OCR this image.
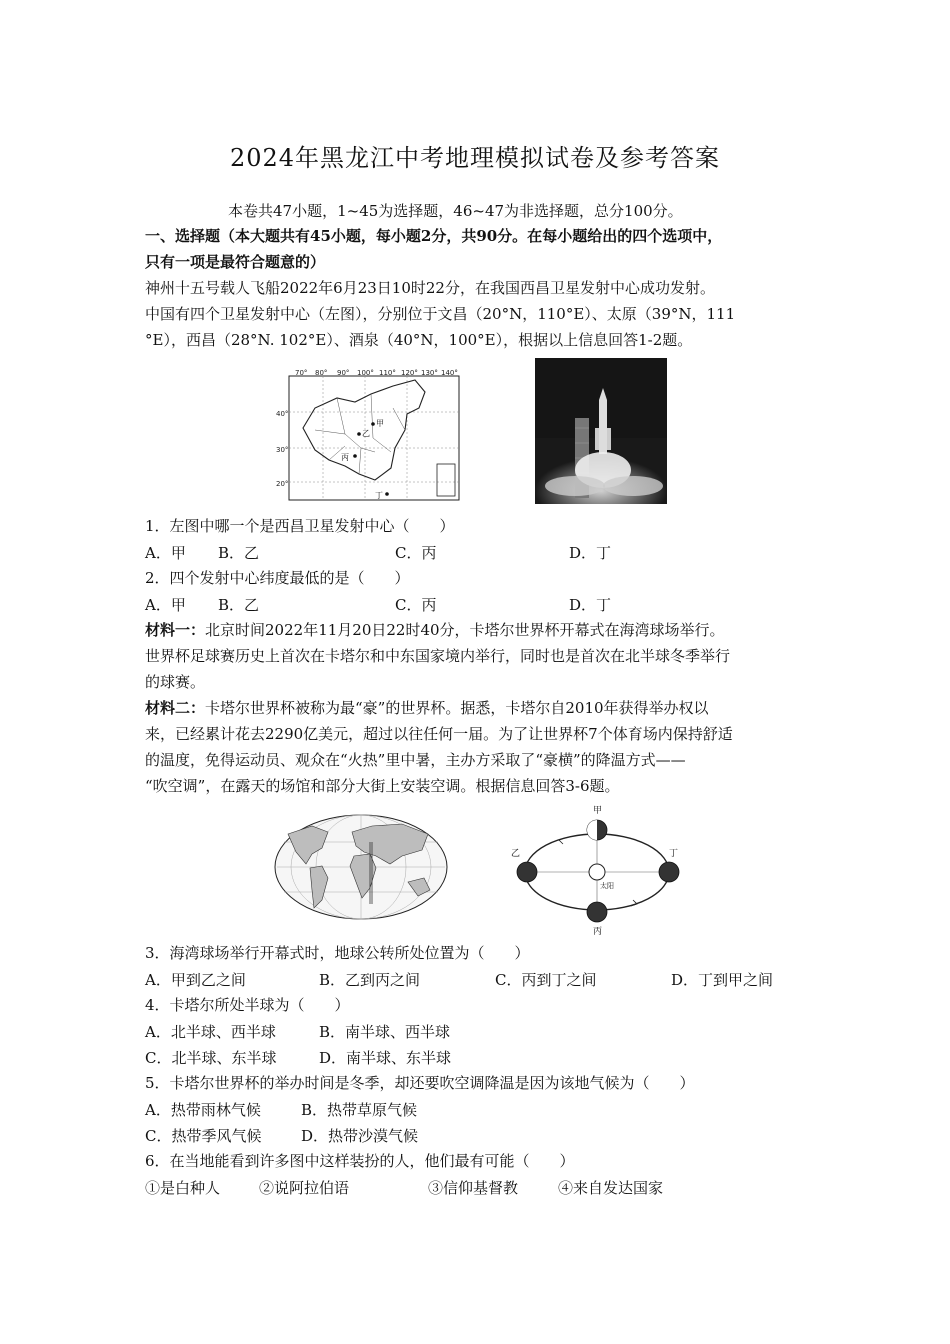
2024年黑龙江中考地理模拟试卷及参考答案
本卷共47小题，1~45为选择题，46~47为非选择题，总分100分。
一、选择题（本大题共有45小题，每小题2分，共90分。在每小题给出的四个选项中，
只有一项是最符合题意的）
神州十五号载人飞船2022年6月23日10时22分，在我国西昌卫星发射中心成功发射。
中国有四个卫星发射中心（左图），分别位于文昌（20°N，110°E）、太原（39°N，111
°E），西昌（28°N. 102°E）、酒泉（40°N，100°E），根据以上信息回答1-2题。
70° 80° 90° 100° 110° 120° 130° 140°
40°
30°
20°
甲
乙
丙
丁
1．左图中哪一个是西昌卫星发射中心（　　）
A．甲 B．乙	C．丙	D．丁
2．四个发射中心纬度最低的是（　　）
A．甲 B．乙	C．丙	D．丁
材料一：北京时间2022年11月20日22时40分，卡塔尔世界杯开幕式在海湾球场举行。
世界杯足球赛历史上首次在卡塔尔和中东国家境内举行，同时也是首次在北半球冬季举行
的球赛。
材料二：卡塔尔世界杯被称为最“豪”的世界杯。据悉，卡塔尔自2010年获得举办权以
来，已经累计花去2290亿美元，超过以往任何一届。为了让世界杯7个体育场内保持舒适
的温度，免得运动员、观众在“火热”里中暑，主办方采取了“豪横”的降温方式——
“吹空调”，在露天的场馆和部分大街上安装空调。根据信息回答3-6题。
太阳
甲
乙
丙
丁
3．海湾球场举行开幕式时，地球公转所处位置为（　　）
A．甲到乙之间	B．乙到丙之间	C．丙到丁之间	D．丁到甲之间
4．卡塔尔所处半球为（　　）
A．北半球、西半球	B．南半球、西半球
C．北半球、东半球	D．南半球、东半球
5．卡塔尔世界杯的举办时间是冬季，却还要吹空调降温是因为该地气候为（　　）
A．热带雨林气候	B．热带草原气候
C．热带季风气候	D．热带沙漠气候
6．在当地能看到许多图中这样装扮的人，他们最有可能（　　）
①是白种人	②说阿拉伯语	③信仰基督教	④来自发达国家
